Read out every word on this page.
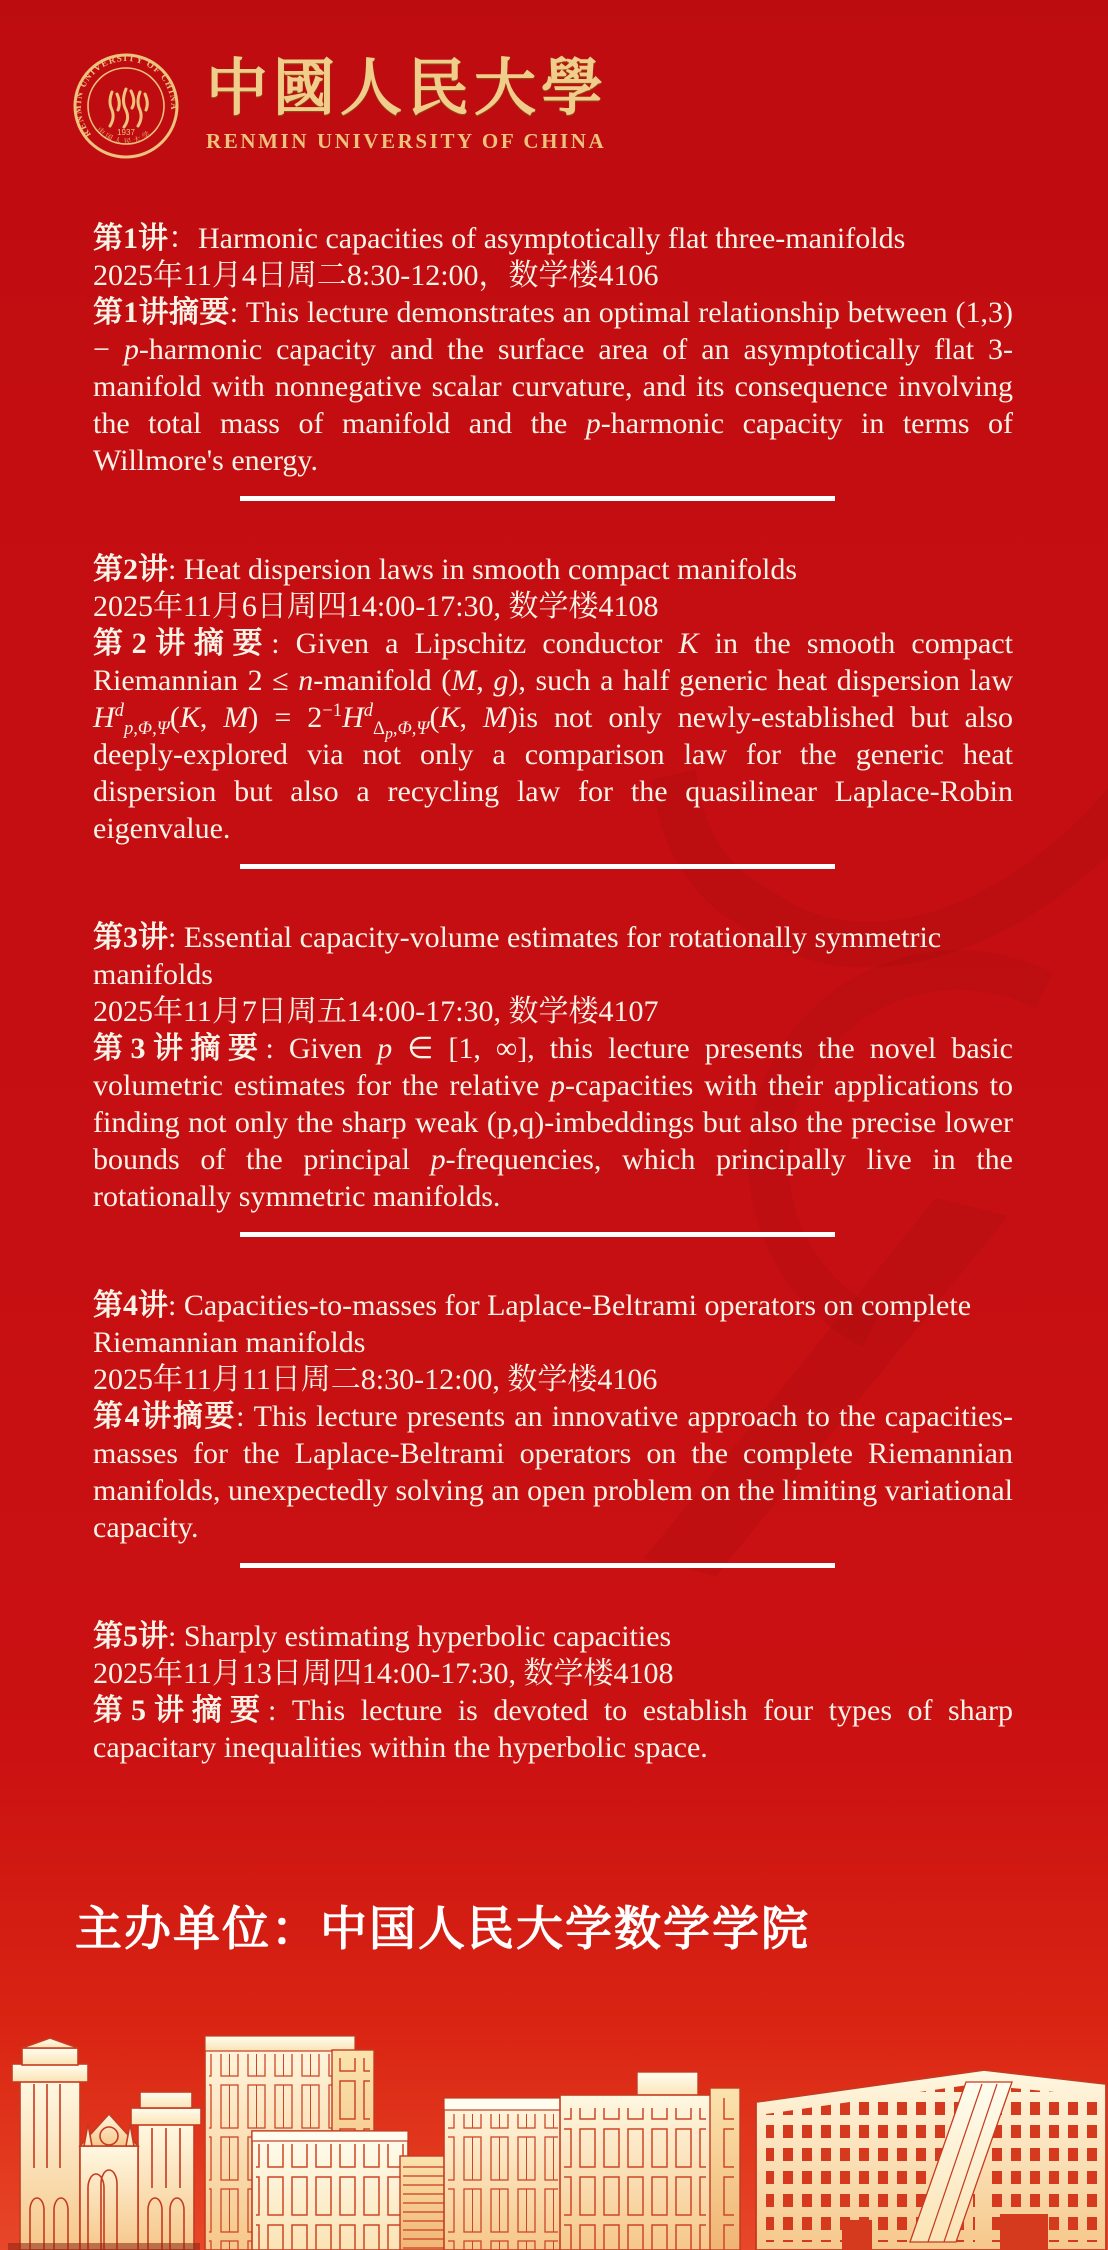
RENMIN UNIVERSITY OF CHINA
1937
中国人民大学
中國人民大學
RENMIN UNIVERSITY OF CHINA
第1讲：Harmonic capacities of asymptotically flat three-manifolds
2025年11月4日周二8:30-12:00，数学楼4106
第1讲摘要: This lecture demonstrates an optimal relationship between (1,3) − p-harmonic capacity and the surface area of an asymptotically flat 3-manifold with nonnegative scalar curvature, and its consequence involving the total mass of manifold and the p-harmonic capacity in terms of Willmore's energy.
第2讲: Heat dispersion laws in smooth compact manifolds
2025年11月6日周四14:00-17:30, 数学楼4108
第2讲摘要: Given a Lipschitz conductor K in the smooth compact Riemannian 2 ≤ n-manifold (M, g), such a half generic heat dispersion law $H^d_{p,\Phi,\Psi}(K$, $M) = 2^{-1}H^d_{\Delta_p,\Phi,\Psi}(K$, M)is not only newly-established but also deeply-explored via not only a comparison law for the generic heat dispersion but also a recycling law for the quasilinear Laplace-Robin eigenvalue.
第3讲: Essential capacity-volume estimates for rotationally symmetric manifolds
2025年11月7日周五14:00-17:30, 数学楼4107
第3讲摘要: Given p ∈ [1, ∞], this lecture presents the novel basic volumetric estimates for the relative p-capacities with their applications to finding not only the sharp weak (p,q)-imbeddings but also the precise lower bounds of the principal p-frequencies, which principally live in the rotationally symmetric manifolds.
第4讲: Capacities-to-masses for Laplace-Beltrami operators on complete Riemannian manifolds
2025年11月11日周二8:30-12:00, 数学楼4106
第4讲摘要: This lecture presents an innovative approach to the capacities-masses for the Laplace-Beltrami operators on the complete Riemannian manifolds, unexpectedly solving an open problem on the limiting variational capacity.
第5讲: Sharply estimating hyperbolic capacities
2025年11月13日周四14:00-17:30, 数学楼4108
第5讲摘要: This lecture is devoted to establish four types of sharp capacitary inequalities within the hyperbolic space.
主办单位：中国人民大学数学学院
